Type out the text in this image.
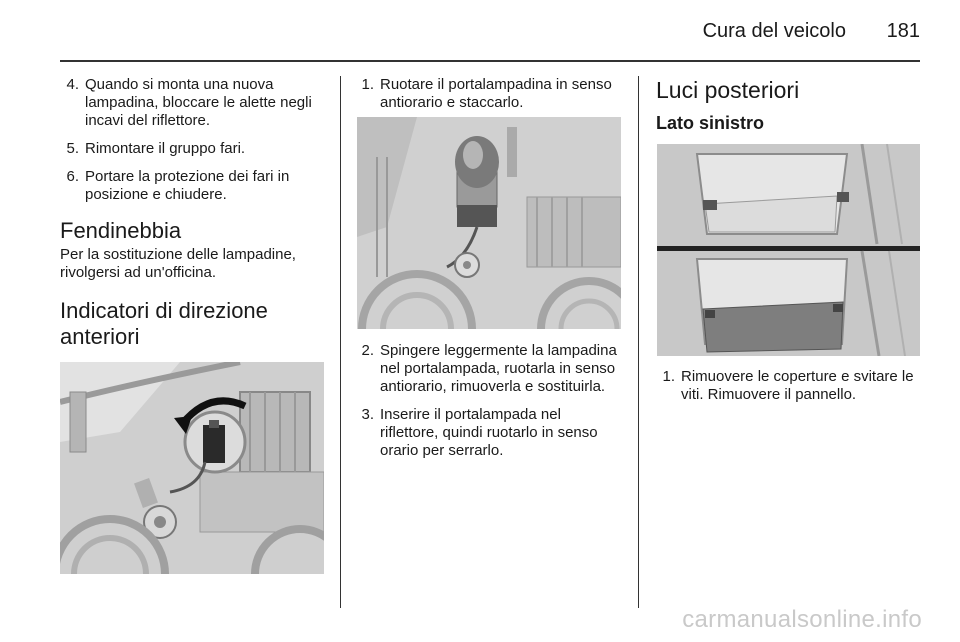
Cura del veicolo	181
4. Quando si monta una nuova lampadina, bloccare le alette negli incavi del riflettore.
5. Rimontare il gruppo fari.
6. Portare la protezione dei fari in posizione e chiudere.
Fendinebbia

Per la sostituzione delle lampadine, rivolgersi ad un'officina.

Indicatori di direzione anteriori
1. Ruotare il portalampadina in senso antiorario e staccarlo.
2. Spingere leggermente la lampadina nel portalampada, ruotarla in senso antiorario, rimuoverla e sostituirla.
3. Inserire il portalampada nel riflettore, quindi ruotarlo in senso orario per serrarlo.
Luci posteriori
Lato sinistro
1. Rimuovere le coperture e svitare le viti. Rimuovere il pannello.
carmanualsonline.info
